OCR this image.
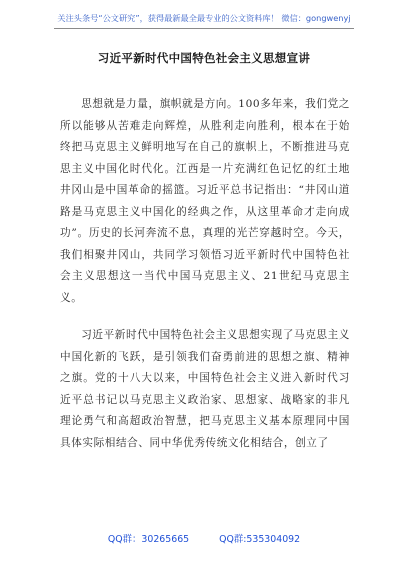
关注头条号“公文研究”，获得最新最全最专业的公文资料库！ 微信：gongwenyj
习近平新时代中国特色社会主义思想宣讲

思想就是力量，旗帜就是方向。100多年来，我们党之所以能够从苦难走向辉煌，从胜利走向胜利，根本在于始终把马克思主义鲜明地写在自己的旗帜上，不断推进马克思主义中国化时代化。江西是一片充满红色记忆的红土地井冈山是中国革命的摇篮。习近平总书记指出：“井冈山道路是马克思主义中国化的经典之作，从这里革命才走向成功”。历史的长河奔流不息，真理的光芒穿越时空。今天，我们相聚井冈山，共同学习领悟习近平新时代中国特色社会主义思想这一当代中国马克思主义、21世纪马克思主义。

习近平新时代中国特色社会主义思想实现了马克思主义中国化新的飞跃，是引领我们奋勇前进的思想之旗、精神之旗。党的十八大以来，中国特色社会主义进入新时代习近平总书记以马克思主义政治家、思想家、战略家的非凡理论勇气和高超政治智慧，把马克思主义基本原理同中国具体实际相结合、同中华优秀传统文化相结合，创立了

QQ群：30265665	QQ群:535304092
